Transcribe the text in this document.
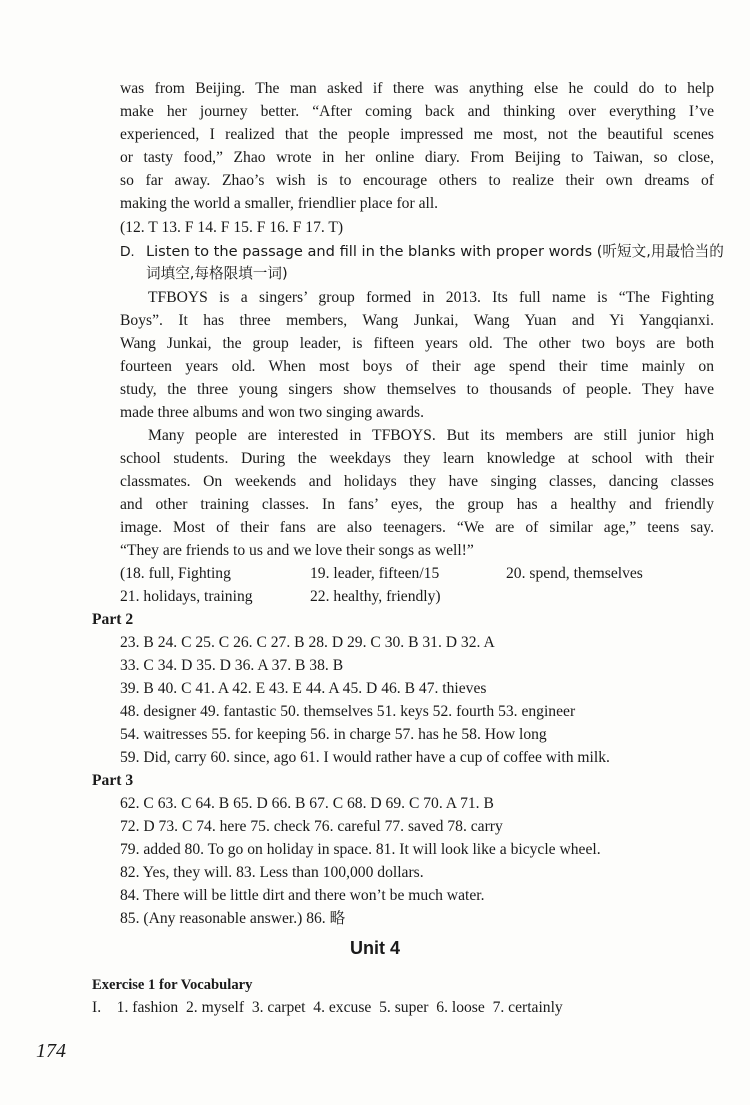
was from Beijing. The man asked if there was anything else he could do to help
make her journey better. “After coming back and thinking over everything I’ve
experienced, I realized that the people impressed me most, not the beautiful scenes
or tasty food,” Zhao wrote in her online diary. From Beijing to Taiwan, so close,
so far away. Zhao’s wish is to encourage others to realize their own dreams of
making the world a smaller, friendlier place for all.
(12. T 13. F 14. F 15. F 16. F 17. T)
D. Listen to the passage and fill in the blanks with proper words (听短文,用最恰当的
词填空,每格限填一词)
TFBOYS is a singers’ group formed in 2013. Its full name is “The Fighting
Boys”. It has three members, Wang Junkai, Wang Yuan and Yi Yangqianxi.
Wang Junkai, the group leader, is fifteen years old. The other two boys are both
fourteen years old. When most boys of their age spend their time mainly on
study, the three young singers show themselves to thousands of people. They have
made three albums and won two singing awards.
Many people are interested in TFBOYS. But its members are still junior high
school students. During the weekdays they learn knowledge at school with their
classmates. On weekends and holidays they have singing classes, dancing classes
and other training classes. In fans’ eyes, the group has a healthy and friendly
image. Most of their fans are also teenagers. “We are of similar age,” teens say.
“They are friends to us and we love their songs as well!”
(18. full, Fighting	19. leader, fifteen/15	20. spend, themselves
21. holidays, training	22. healthy, friendly)
Part 2
23. B 24. C 25. C 26. C 27. B 28. D 29. C 30. B 31. D 32. A
33. C 34. D 35. D 36. A 37. B 38. B
39. B 40. C 41. A 42. E 43. E 44. A 45. D 46. B 47. thieves
48. designer 49. fantastic 50. themselves 51. keys 52. fourth 53. engineer
54. waitresses 55. for keeping 56. in charge 57. has he 58. How long
59. Did, carry 60. since, ago 61. I would rather have a cup of coffee with milk.
Part 3
62. C 63. C 64. B 65. D 66. B 67. C 68. D 69. C 70. A 71. B
72. D 73. C 74. here 75. check 76. careful 77. saved 78. carry
79. added 80. To go on holiday in space. 81. It will look like a bicycle wheel.
82. Yes, they will. 83. Less than 100,000 dollars.
84. There will be little dirt and there won’t be much water.
85. (Any reasonable answer.) 86. 略
Unit 4
Exercise 1 for Vocabulary
I.    1. fashion  2. myself  3. carpet  4. excuse  5. super  6. loose  7. certainly
174
